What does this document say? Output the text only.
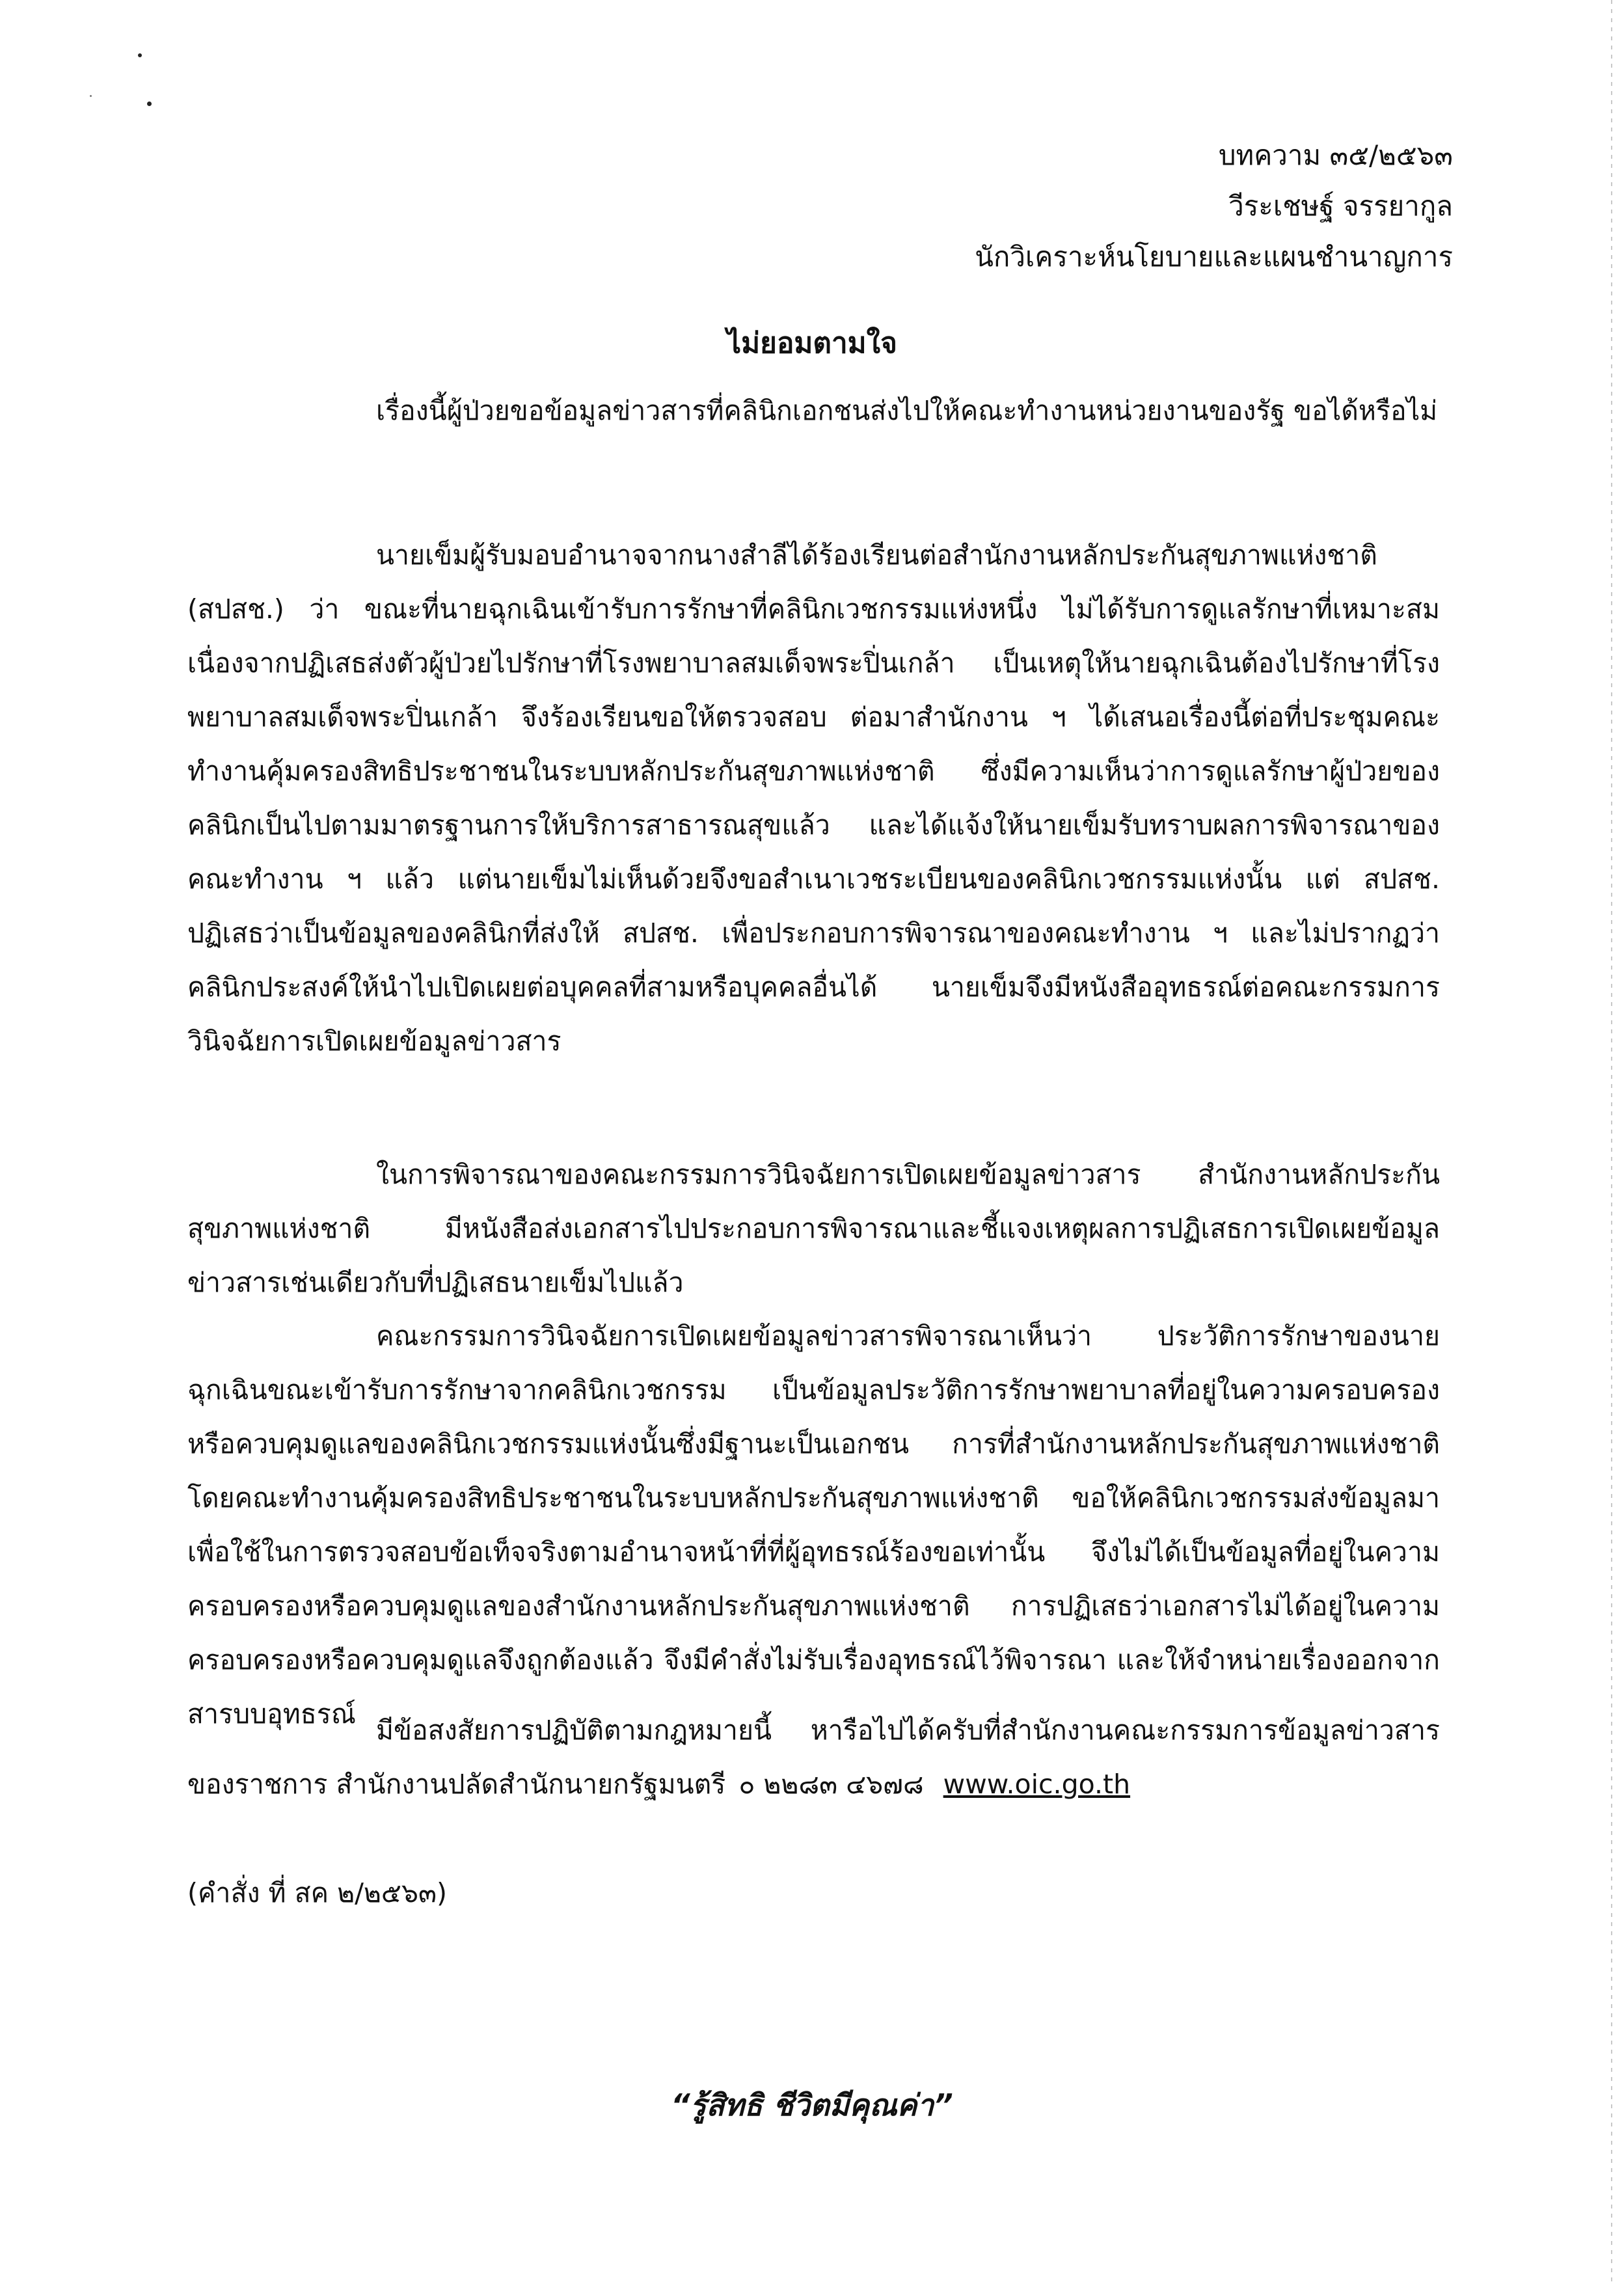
บทความ ๓๕/๒๕๖๓
วีระเชษฐ์ จรรยากูล
นักวิเคราะห์นโยบายและแผนชำนาญการ
ไม่ยอมตามใจ

เรื่องนี้ผู้ป่วยขอข้อมูลข่าวสารที่คลินิกเอกชนส่งไปให้คณะทำงานหน่วยงานของรัฐ ขอได้หรือไม่

นายเข็มผู้รับมอบอำนาจจากนางสำลีได้ร้องเรียนต่อสำนักงานหลักประกันสุขภาพแห่งชาติ (สปสช.) ว่า ขณะที่นายฉุกเฉินเข้ารับการรักษาที่คลินิกเวชกรรมแห่งหนึ่ง ไม่ได้รับการดูแลรักษาที่เหมาะสม เนื่องจากปฏิเสธส่งตัวผู้ป่วยไปรักษาที่โรงพยาบาลสมเด็จพระปิ่นเกล้า เป็นเหตุให้นายฉุกเฉินต้องไปรักษาที่โรงพยาบาลสมเด็จพระปิ่นเกล้า จึงร้องเรียนขอให้ตรวจสอบ ต่อมาสำนักงาน ฯ ได้เสนอเรื่องนี้ต่อที่ประชุมคณะทำงานคุ้มครองสิทธิประชาชนในระบบหลักประกันสุขภาพแห่งชาติ ซึ่งมีความเห็นว่าการดูแลรักษาผู้ป่วยของคลินิกเป็นไปตามมาตรฐานการให้บริการสาธารณสุขแล้ว และได้แจ้งให้นายเข็มรับทราบผลการพิจารณาของคณะทำงาน ฯ แล้ว แต่นายเข็มไม่เห็นด้วยจึงขอสำเนาเวชระเบียนของคลินิกเวชกรรมแห่งนั้น แต่ สปสช. ปฏิเสธว่าเป็นข้อมูลของคลินิกที่ส่งให้ สปสช. เพื่อประกอบการพิจารณาของคณะทำงาน ฯ และไม่ปรากฏว่าคลินิกประสงค์ให้นำไปเปิดเผยต่อบุคคลที่สามหรือบุคคลอื่นได้ นายเข็มจึงมีหนังสืออุทธรณ์ต่อคณะกรรมการวินิจฉัยการเปิดเผยข้อมูลข่าวสาร

ในการพิจารณาของคณะกรรมการวินิจฉัยการเปิดเผยข้อมูลข่าวสาร สำนักงานหลักประกันสุขภาพแห่งชาติ มีหนังสือส่งเอกสารไปประกอบการพิจารณาและชี้แจงเหตุผลการปฏิเสธการเปิดเผยข้อมูลข่าวสารเช่นเดียวกับที่ปฏิเสธนายเข็มไปแล้ว

คณะกรรมการวินิจฉัยการเปิดเผยข้อมูลข่าวสารพิจารณาเห็นว่า ประวัติการรักษาของนายฉุกเฉินขณะเข้ารับการรักษาจากคลินิกเวชกรรม เป็นข้อมูลประวัติการรักษาพยาบาลที่อยู่ในความครอบครองหรือควบคุมดูแลของคลินิกเวชกรรมแห่งนั้นซึ่งมีฐานะเป็นเอกชน การที่สำนักงานหลักประกันสุขภาพแห่งชาติโดยคณะทำงานคุ้มครองสิทธิประชาชนในระบบหลักประกันสุขภาพแห่งชาติ ขอให้คลินิกเวชกรรมส่งข้อมูลมาเพื่อใช้ในการตรวจสอบข้อเท็จจริงตามอำนาจหน้าที่ที่ผู้อุทธรณ์ร้องขอเท่านั้น จึงไม่ได้เป็นข้อมูลที่อยู่ในความครอบครองหรือควบคุมดูแลของสำนักงานหลักประกันสุขภาพแห่งชาติ การปฏิเสธว่าเอกสารไม่ได้อยู่ในความครอบครองหรือควบคุมดูแลจึงถูกต้องแล้ว จึงมีคำสั่งไม่รับเรื่องอุทธรณ์ไว้พิจารณา และให้จำหน่ายเรื่องออกจากสารบบอุทธรณ์

มีข้อสงสัยการปฏิบัติตามกฎหมายนี้ หารือไปได้ครับที่สำนักงานคณะกรรมการข้อมูลข่าวสารของราชการ สำนักงานปลัดสำนักนายกรัฐมนตรี ๐ ๒๒๘๓ ๔๖๗๘ www.oic.go.th

(คำสั่ง ที่ สค ๒/๒๕๖๓)
“รู้สิทธิ ชีวิตมีคุณค่า”
